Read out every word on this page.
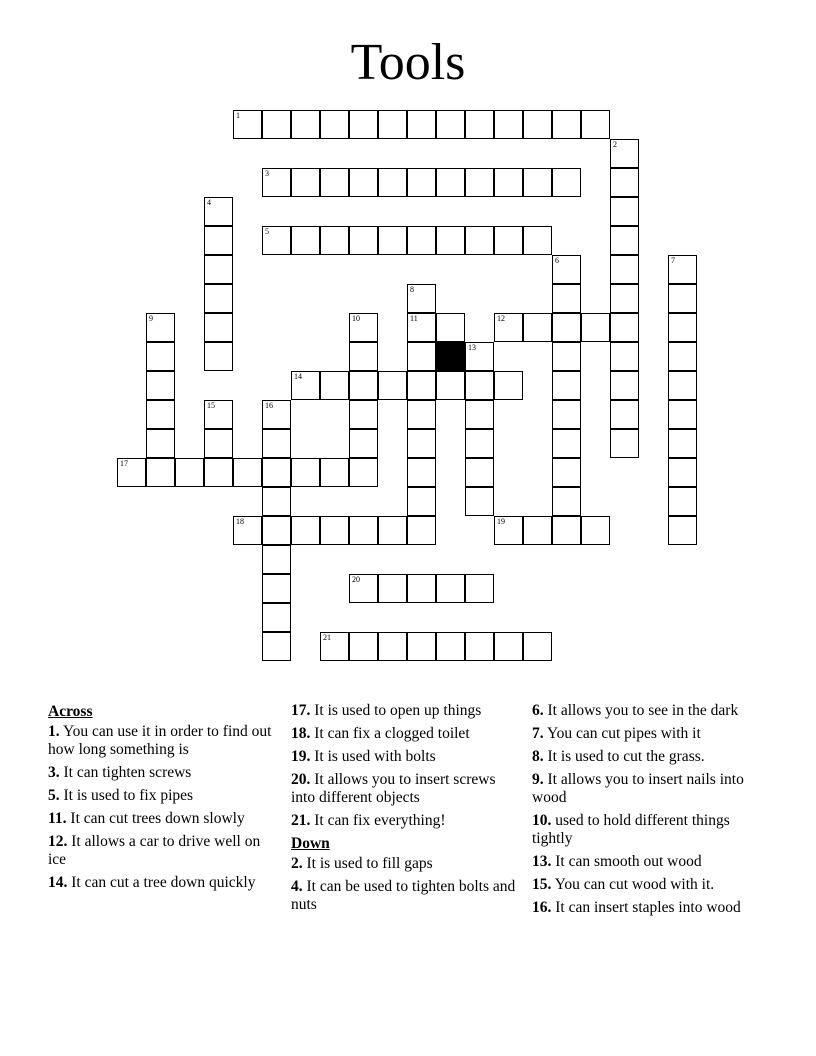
Tools
1
2
3
4
5
6	7
8
11
9	10	12
13
14
15	16
17
18	19
20
21
Across
1. You can use it in order to find out how long something is
3. It can tighten screws
5. It is used to fix pipes
11. It can cut trees down slowly
12. It allows a car to drive well on ice
14. It can cut a tree down quickly
17. It is used to open up things
18. It can fix a clogged toilet
19. It is used with bolts
20. It allows you to insert screws into different objects
21. It can fix everything!
Down
2. It is used to fill gaps
4. It can be used to tighten bolts and nuts
6. It allows you to see in the dark
7. You can cut pipes with it
8. It is used to cut the grass.
9. It allows you to insert nails into wood
10. used to hold different things tightly
13. It can smooth out wood
15. You can cut wood with it.
16. It can insert staples into wood
